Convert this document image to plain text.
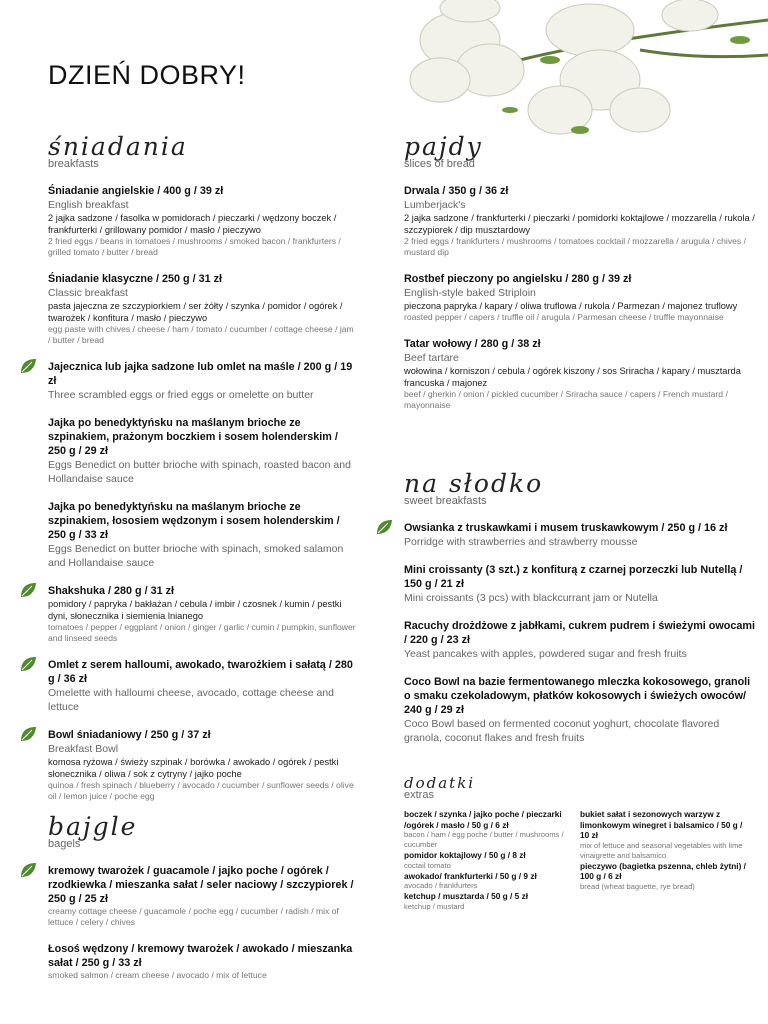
DZIEŃ DOBRY!
śniadania
breakfasts
Śniadanie angielskie / 400 g / 39 zł
English breakfast
2 jajka sadzone / fasolka w pomidorach / pieczarki / wędzony boczek / frankfurterki / grillowany pomidor / masło / pieczywo
2 fried eggs / beans in tomatoes / mushrooms / smoked bacon / frankfurters / grilled tomato / butter / bread
Śniadanie klasyczne / 250 g / 31 zł
Classic breakfast
pasta jajeczna ze szczypiorkiem / ser żółty / szynka / pomidor / ogórek / twarożek / konfitura / masło / pieczywo
egg paste with chives / cheese / ham / tomato / cucumber / cottage cheese / jam / butter / bread
Jajecznica lub jajka sadzone lub omlet na maśle / 200 g / 19 zł
Three scrambled eggs or fried eggs or omelette on butter
Jajka po benedyktyńsku na maślanym brioche ze szpinakiem, prażonym boczkiem i sosem holenderskim / 250 g / 29 zł
Eggs Benedict on butter brioche with spinach, roasted bacon and Hollandaise sauce
Jajka po benedyktyńsku na maślanym brioche ze szpinakiem, łososiem wędzonym i sosem holenderskim / 250 g / 33 zł
Eggs Benedict on butter brioche with spinach, smoked salamon and Hollandaise sauce
Shakshuka / 280 g / 31 zł
pomidory / papryka / bakłażan / cebula / imbir / czosnek / kumin / pestki dyni, słonecznika i siemienia lnianego
tomatoes / pepper / eggplant / onion / ginger / garlic / cumin / pumpkin, sunflower and linseed seeds
Omlet z serem halloumi, awokado, twarożkiem i sałatą / 280 g / 36 zł
Omelette with halloumi cheese, avocado, cottage cheese and lettuce
Bowl śniadaniowy / 250 g / 37 zł
Breakfast Bowl
komosa ryżowa / świeży szpinak / borówka / awokado / ogórek / pestki słonecznika / oliwa / sok z cytryny / jajko poche
quinoa / fresh spinach / blueberry / avocado / cucumber / sunflower seeds / olive oil / lemon juice / poche egg
bajgle
bagels
kremowy twarożek / guacamole / jajko poche / ogórek / rzodkiewka / mieszanka sałat / seler naciowy / szczypiorek / 250 g / 25 zł
creamy cottage cheese / guacamole / poche egg / cucumber / radish / mix of lettuce / celery / chives
Łosoś wędzony / kremowy twarożek / awokado / mieszanka sałat / 250 g / 33 zł
smoked salmon / cream cheese / avocado / mix of lettuce
pajdy
slices of bread
Drwala / 350 g / 36 zł
Lumberjack's
2 jajka sadzone / frankfurterki / pieczarki / pomidorki koktajlowe / mozzarella / rukola / szczypiorek / dip musztardowy
2 fried eggs / frankfurters / mushrooms / tomatoes cocktail / mozzarella / arugula / chives / mustard dip
Rostbef pieczony po angielsku / 280 g / 39 zł
English-style baked Striploin
pieczona papryka / kapary / oliwa truflowa / rukola / Parmezan / majonez truflowy
roasted pepper / capers / truffle oil / arugula / Parmesan cheese / truffle mayonnaise
Tatar wołowy / 280 g / 38 zł
Beef tartare
wołowina / korniszon / cebula / ogórek kiszony / sos Sriracha / kapary / musztarda francuska / majonez
beef / gherkin / onion / pickled cucumber / Sriracha sauce / capers / French mustard / mayonnaise
na słodko
sweet breakfasts
Owsianka z truskawkami i musem truskawkowym / 250 g / 16 zł
Porridge with strawberries and strawberry mousse
Mini croissanty (3 szt.) z konfiturą z czarnej porzeczki lub Nutellą / 150 g / 21 zł
Mini croissants (3 pcs) with blackcurrant jam or Nutella
Racuchy drożdżowe z jabłkami, cukrem pudrem i świeżymi owocami / 220 g / 23 zł
Yeast pancakes with apples, powdered sugar and fresh fruits
Coco Bowl na bazie fermentowanego mleczka kokosowego, granoli o smaku czekoladowym, płatków kokosowych i świeżych owoców/ 240 g / 29 zł
Coco Bowl based on fermented coconut yoghurt, chocolate flavored granola, coconut flakes and fresh fruits
dodatki
extras
boczek / szynka / jajko poche / pieczarki /ogórek / masło / 50 g / 6 zł
bacon / ham / egg poche / butter / mushrooms / cucumber
pomidor koktajlowy / 50 g / 8 zł
coctail tomato
awokado/ frankfurterki / 50 g / 9 zł
avocado / frankfurters
ketchup / musztarda / 50 g / 5 zł
ketchup / mustard
bukiet sałat i sezonowych warzyw z limonkowym winegret i balsamico / 50 g / 10 zł
mix of lettuce and seasonal vegetables with lime vinaigrette and balsamico
pieczywo (bagietka pszenna, chleb żytni) / 100 g / 6 zł
bread (wheat baguette, rye bread)
